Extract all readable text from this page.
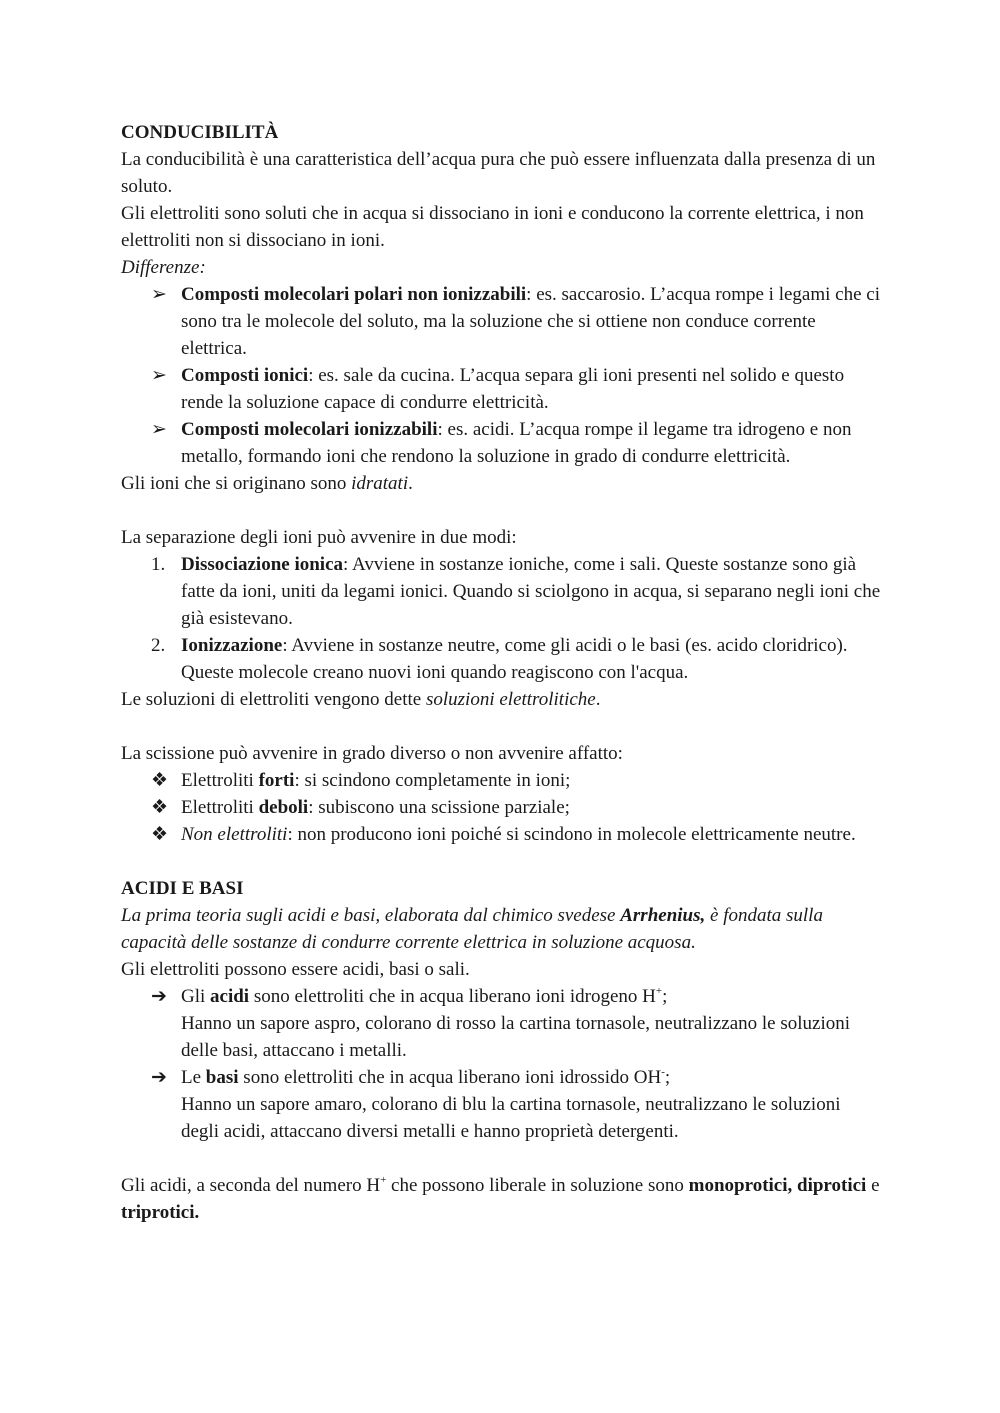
CONDUCIBILITÀ

La conducibilità è una caratteristica dell’acqua pura che può essere influenzata dalla presenza di un soluto.

Gli elettroliti sono soluti che in acqua si dissociano in ioni e conducono la corrente elettrica, i non elettroliti non si dissociano in ioni.

Differenze:

➢ Composti molecolari polari non ionizzabili: es. saccarosio. L’acqua rompe i legami che ci sono tra le molecole del soluto, ma la soluzione che si ottiene non conduce corrente elettrica.
➢ Composti ionici: es. sale da cucina. L’acqua separa gli ioni presenti nel solido e questo rende la soluzione capace di condurre elettricità.
➢ Composti molecolari ionizzabili: es. acidi. L’acqua rompe il legame tra idrogeno e non metallo, formando ioni che rendono la soluzione in grado di condurre elettricità.

Gli ioni che si originano sono idratati.

La separazione degli ioni può avvenire in due modi:

1. Dissociazione ionica: Avviene in sostanze ioniche, come i sali. Queste sostanze sono già fatte da ioni, uniti da legami ionici. Quando si sciolgono in acqua, si separano negli ioni che già esistevano.
2. Ionizzazione: Avviene in sostanze neutre, come gli acidi o le basi (es. acido cloridrico). Queste molecole creano nuovi ioni quando reagiscono con l'acqua.

Le soluzioni di elettroliti vengono dette soluzioni elettrolitiche.

La scissione può avvenire in grado diverso o non avvenire affatto:

❖ Elettroliti forti: si scindono completamente in ioni;
❖ Elettroliti deboli: subiscono una scissione parziale;
❖ Non elettroliti: non producono ioni poiché si scindono in molecole elettricamente neutre.

ACIDI E BASI

La prima teoria sugli acidi e basi, elaborata dal chimico svedese Arrhenius, è fondata sulla capacità delle sostanze di condurre corrente elettrica in soluzione acquosa.

Gli elettroliti possono essere acidi, basi o sali.

➔ Gli acidi sono elettroliti che in acqua liberano ioni idrogeno H+;
Hanno un sapore aspro, colorano di rosso la cartina tornasole, neutralizzano le soluzioni delle basi, attaccano i metalli.
➔ Le basi sono elettroliti che in acqua liberano ioni idrossido OH-;
Hanno un sapore amaro, colorano di blu la cartina tornasole, neutralizzano le soluzioni degli acidi, attaccano diversi metalli e hanno proprietà detergenti.

Gli acidi, a seconda del numero H+ che possono liberale in soluzione sono monoprotici, diprotici e triprotici.
